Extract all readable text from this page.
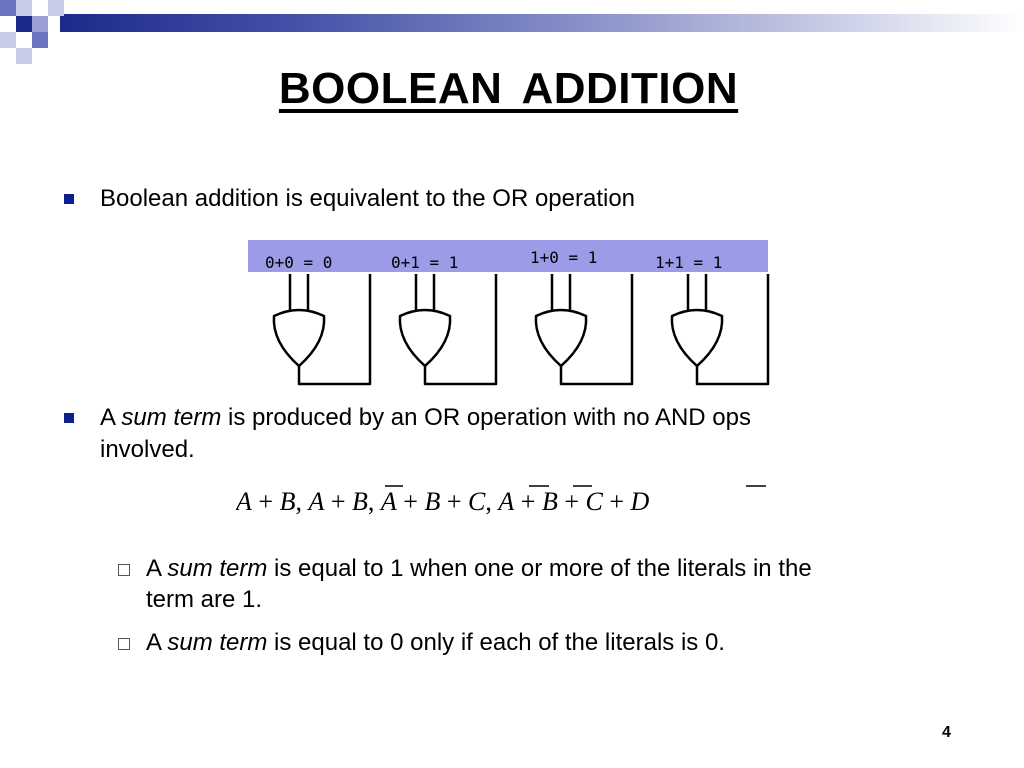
BOOLEAN ADDITION
Boolean addition is equivalent to the OR operation
0+0 = 0	0+1 = 1	1+0 = 1	1+1 = 1
A sum term is produced by an OR operation with no AND ops
involved.
A + B, A + B, A + B + C, A + B + C + D
A sum term is equal to 1 when one or more of the literals in the
term are 1.
A sum term is equal to 0 only if each of the literals is 0.
4
